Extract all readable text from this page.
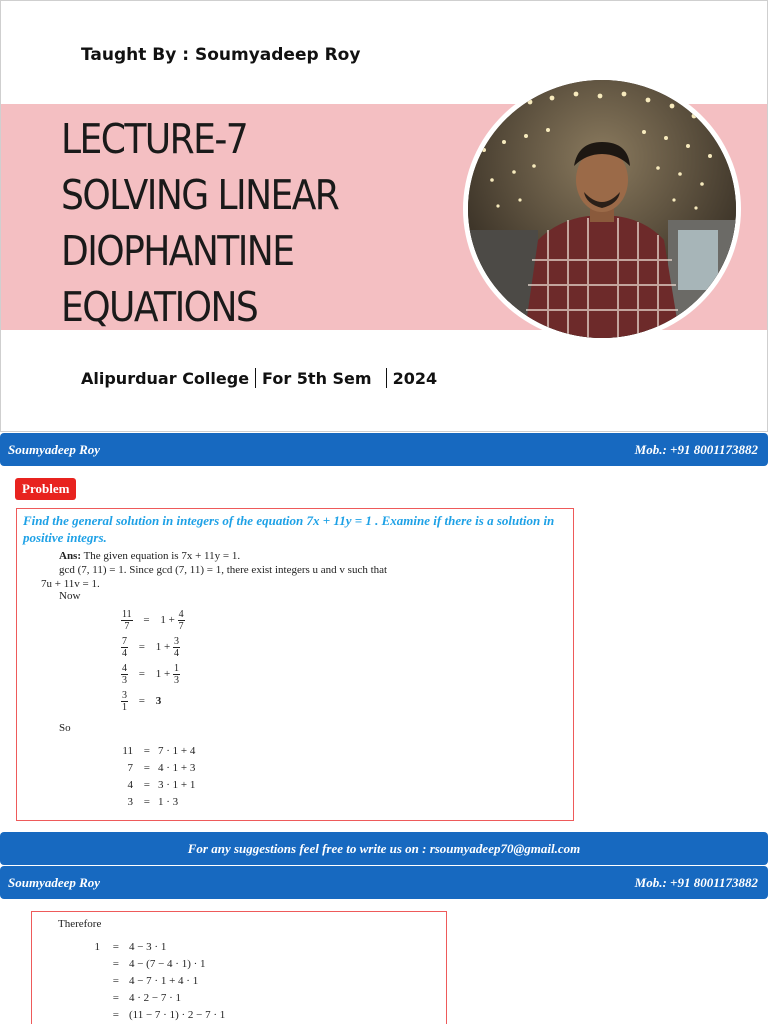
Taught By : Soumyadeep Roy
LECTURE-7
SOLVING LINEAR
DIOPHANTINE
EQUATIONS
Alipurduar College For 5th Sem 2024
Soumyadeep Roy	Mob.: +91 8001173882
Problem
Find the general solution in integers of the equation 7x + 11y = 1 . Examine if there is a solution in positive integrs.
Ans: The given equation is 7x + 11y = 1.
gcd (7, 11) = 1. Since gcd (7, 11) = 1, there exist integers u and v such that
7u + 11v = 1.
Now
$\frac{11}{7} = 1 + \frac{4}{7}$
$\frac{7}{4} = 1 + \frac{3}{4}$
$\frac{4}{3} = 1 + \frac{1}{3}$
$\frac{3}{1} = 3$
So
11 = 7 · 1 + 4
7 = 4 · 1 + 3
4 = 3 · 1 + 1
3 = 1 · 3
For any suggestions feel free to write us on : rsoumyadeep70@gmail.com
Soumyadeep Roy	Mob.: +91 8001173882
Therefore
1 = 4 − 3 · 1
= 4 − (7 − 4 · 1) · 1
= 4 − 7 · 1 + 4 · 1
= 4 · 2 − 7 · 1
= (11 − 7 · 1) · 2 − 7 · 1
